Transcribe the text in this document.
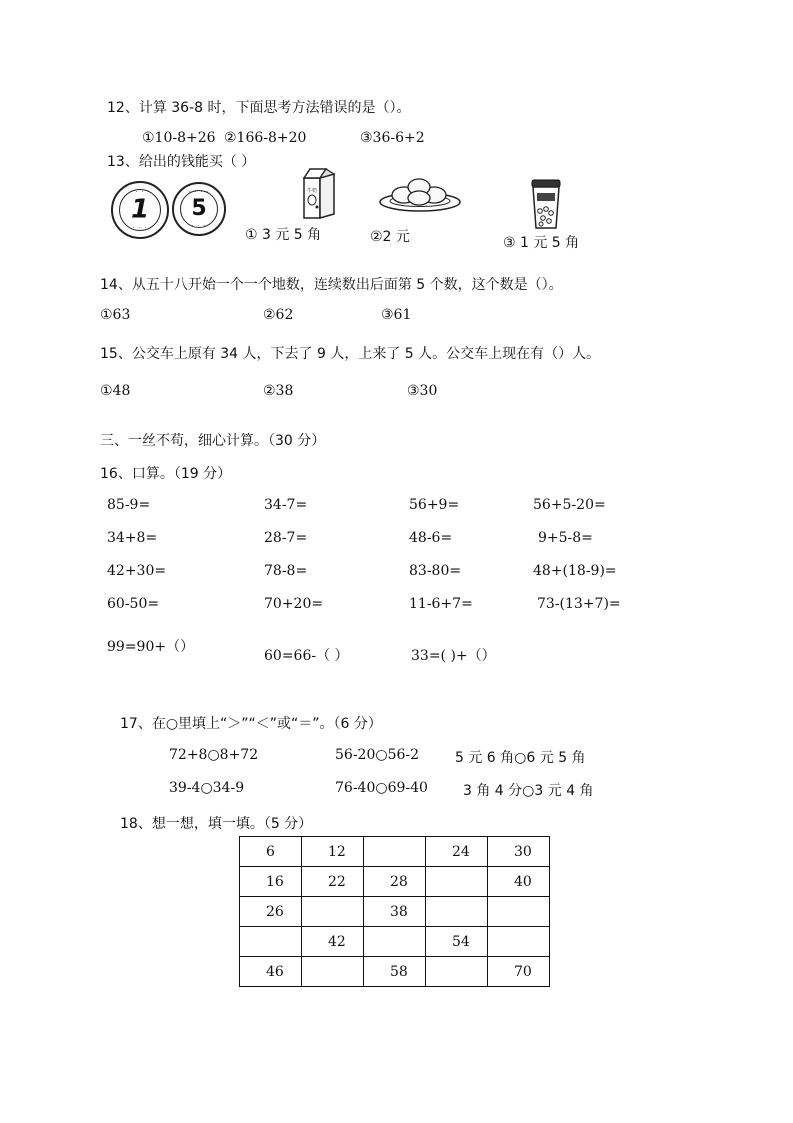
12、计算 36-8 时，下面思考方法错误的是（）。
①10-8+26 ②166-8+20	③36-6+2
13、给出的钱能买（ ）
· · · ·
1
· · ·
· · · ·
5
· · ·
牛奶
① 3 元 5 角	②2 元	③ 1 元 5 角
14、从五十八开始一个一个地数，连续数出后面第 5 个数，这个数是（）。
①63	②62	③61
15、公交车上原有 34 人，下去了 9 人，上来了 5 人。公交车上现在有（）人。
①48	②38	③30
三、一丝不苟，细心计算。（30 分）
16、口算。（19 分）
85-9=	34-7=	56+9=	56+5-20=
34+8=	28-7=	48-6=	9+5-8=
42+30=	78-8=	83-80=	48+(18-9)=
60-50=	70+20=	11-6+7=	73-(13+7)=
99=90+（）
60=66-（ ）	33=( )+（）
17、在○里填上“＞”“＜”或“＝”。（6 分）
72+8○8+72	56-20○56-2	5 元 6 角○6 元 5 角
39-4○34-9	76-40○69-40	3 角 4 分○3 元 4 角
18、想一想，填一填。（5 分）
6	12		24	30
16	22	28		40
26		38		
	42		54	
46		58		70
